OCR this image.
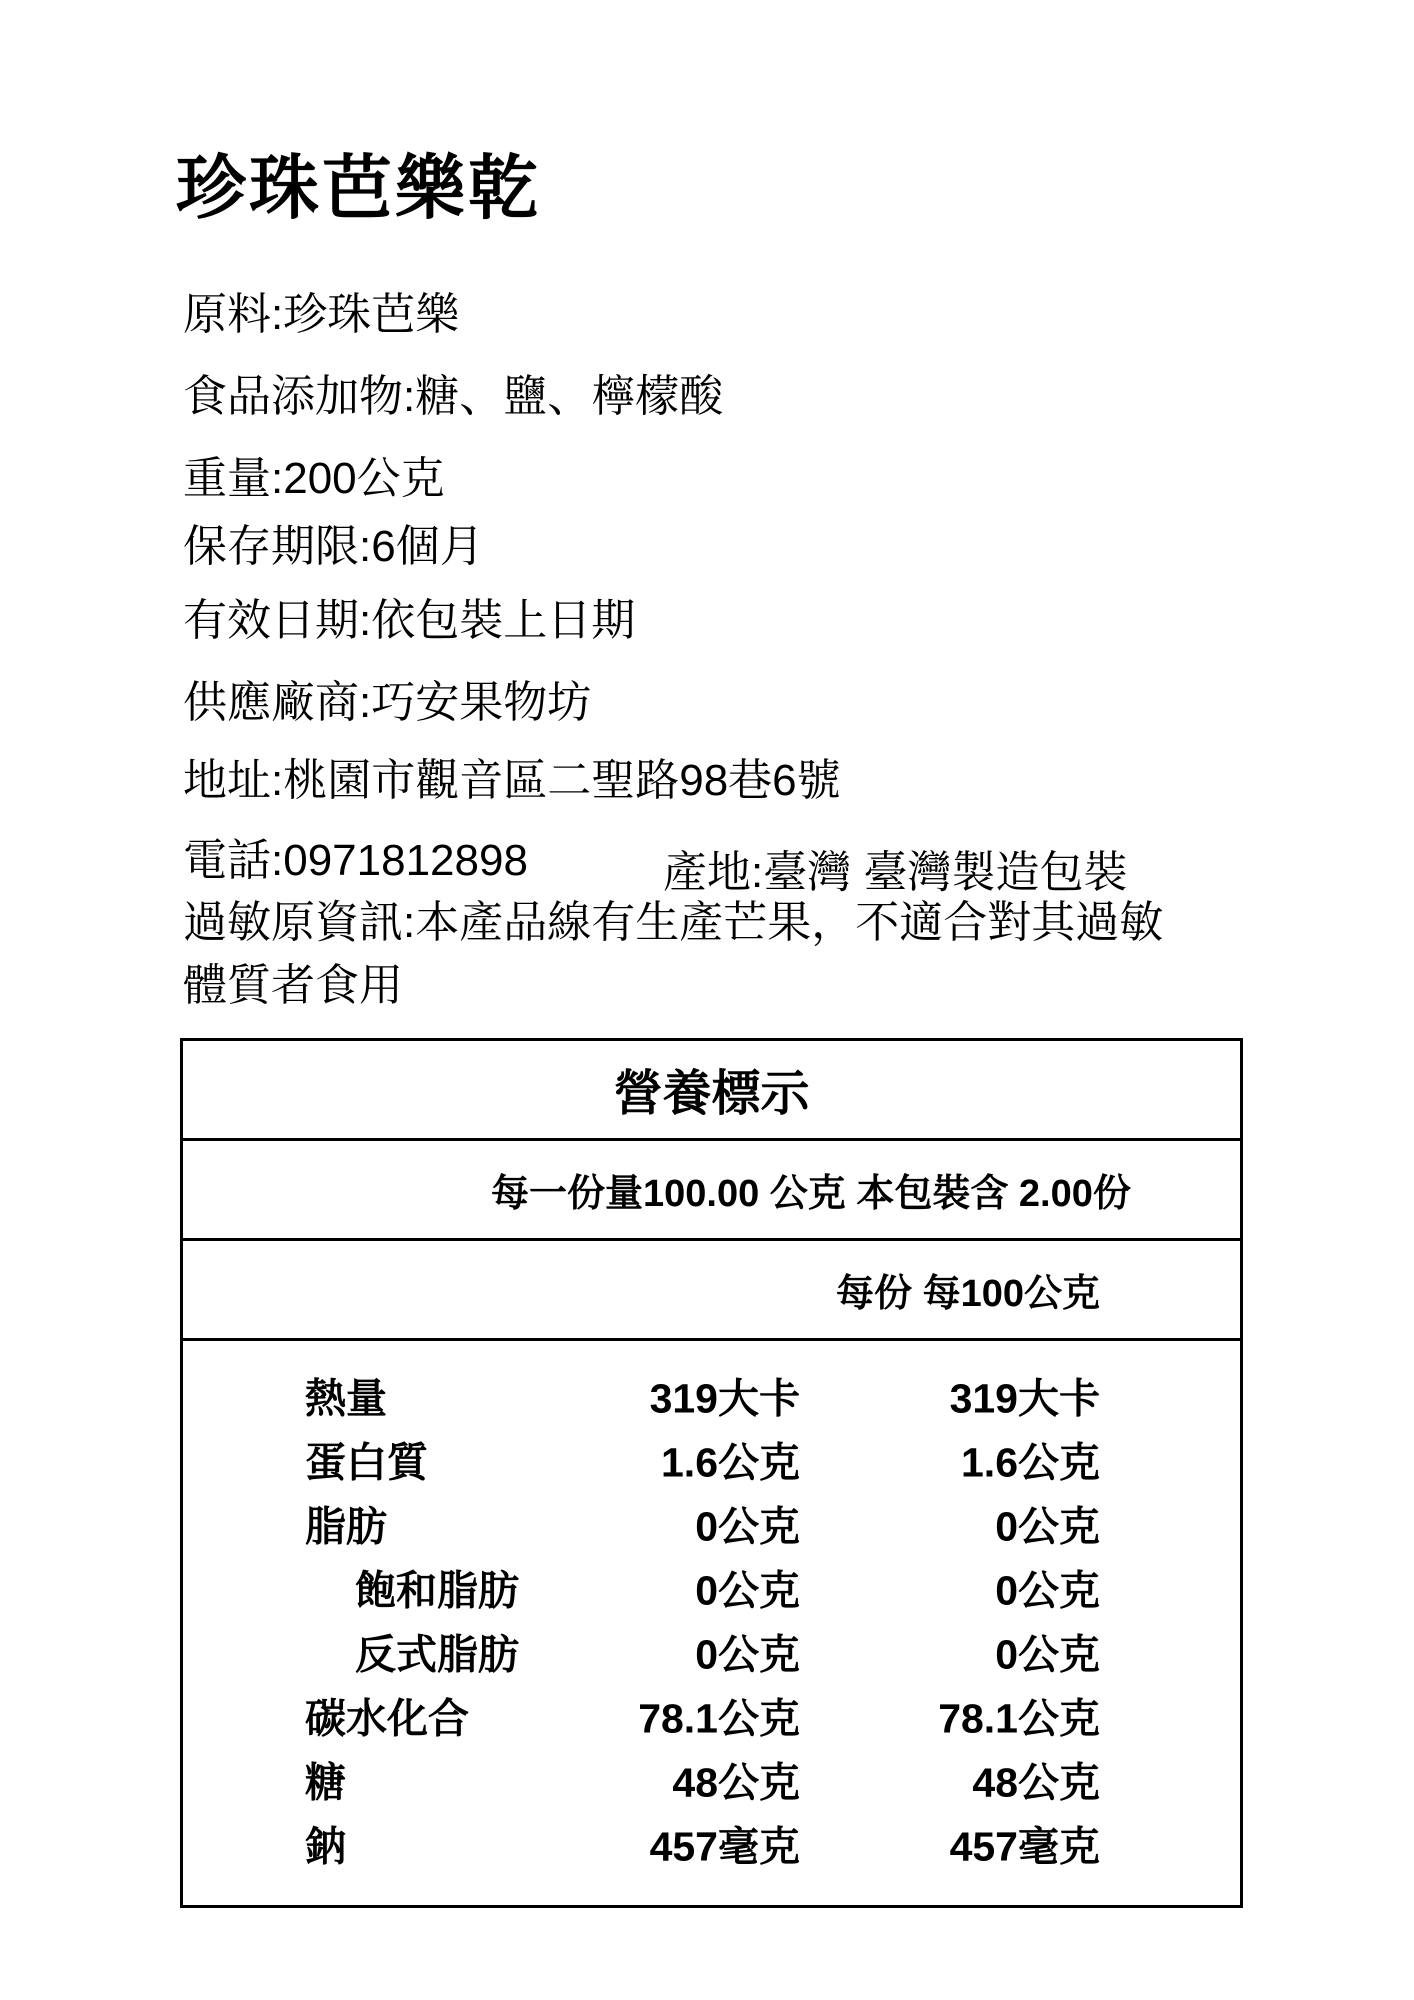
珍珠芭樂乾
原料:珍珠芭樂
食品添加物:糖、鹽、檸檬酸
重量:200公克
保存期限:6個月
有效日期:依包裝上日期
供應廠商:巧安果物坊
地址:桃園市觀音區二聖路98巷6號
電話:0971812898	產地:臺灣 臺灣製造包裝
過敏原資訊:本產品線有生產芒果，不適合對其過敏
體質者食用
營養標示
每一份量100.00 公克 本包裝含 2.00份
每份 每100公克
熱量	319大卡	319大卡
蛋白質	1.6公克	1.6公克
脂肪	0公克	0公克
飽和脂肪	0公克	0公克
反式脂肪	0公克	0公克
碳水化合	78.1公克	78.1公克
糖	48公克	48公克
鈉	457毫克	457毫克
